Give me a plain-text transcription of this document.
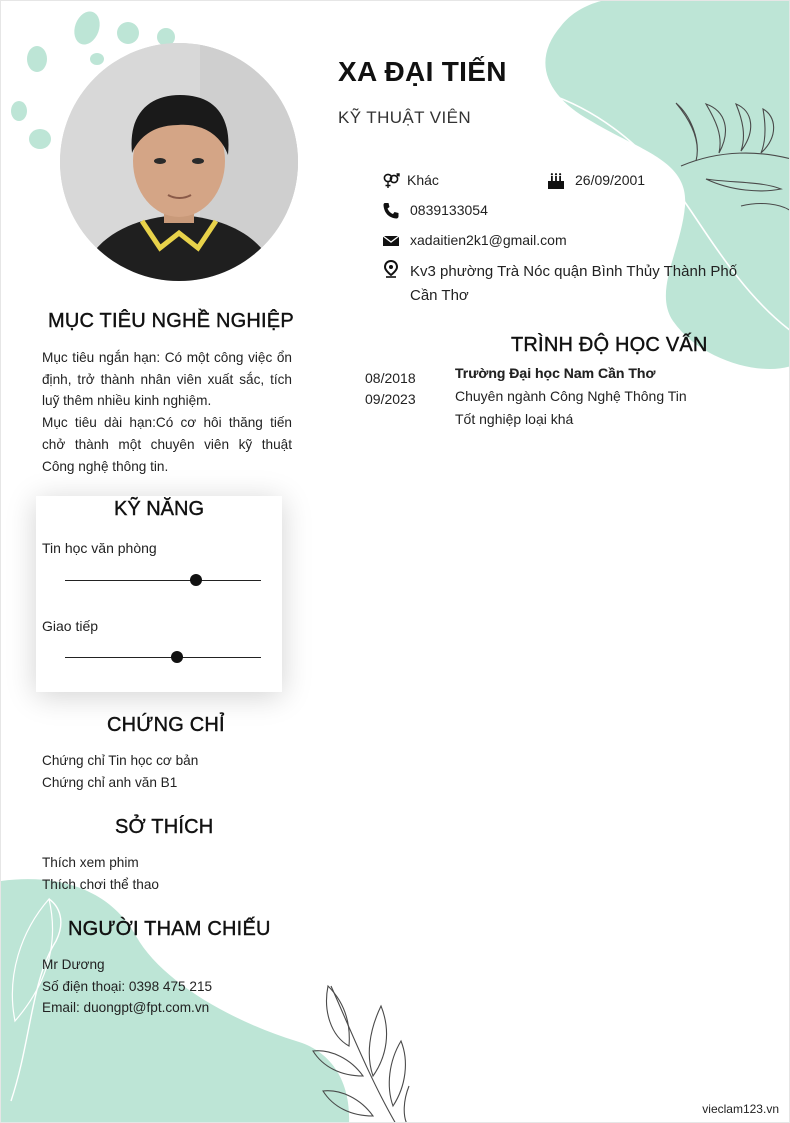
XA ĐẠI TIẾN
KỸ THUẬT VIÊN
Khác	26/09/2001
0839133054
xadaitien2k1@gmail.com
Kv3 phường Trà Nóc quận Bình Thủy Thành Phố
Cần Thơ
MỤC TIÊU NGHỀ NGHIỆP
Mục tiêu ngắn hạn: Có một công việc ổn định, trở thành nhân viên xuất sắc, tích luỹ thêm nhiều kinh nghiệm.
Mục tiêu dài hạn:Có cơ hôi thăng tiến chở thành một chuyên viên kỹ thuật Công nghệ thông tin.
KỸ NĂNG
Tin học văn phòng
Giao tiếp
CHỨNG CHỈ
Chứng chỉ Tin học cơ bản
Chứng chỉ anh văn B1
SỞ THÍCH
Thích xem phim
Thích chơi thể thao
NGƯỜI THAM CHIẾU
Mr Dương
Số điện thoại: 0398 475 215
Email: duongpt@fpt.com.vn
TRÌNH ĐỘ HỌC VẤN
08/2018
09/2023
Trường Đại học Nam Cần Thơ
Chuyên ngành Công Nghệ Thông Tin
Tốt nghiệp loại khá
vieclam123.vn
